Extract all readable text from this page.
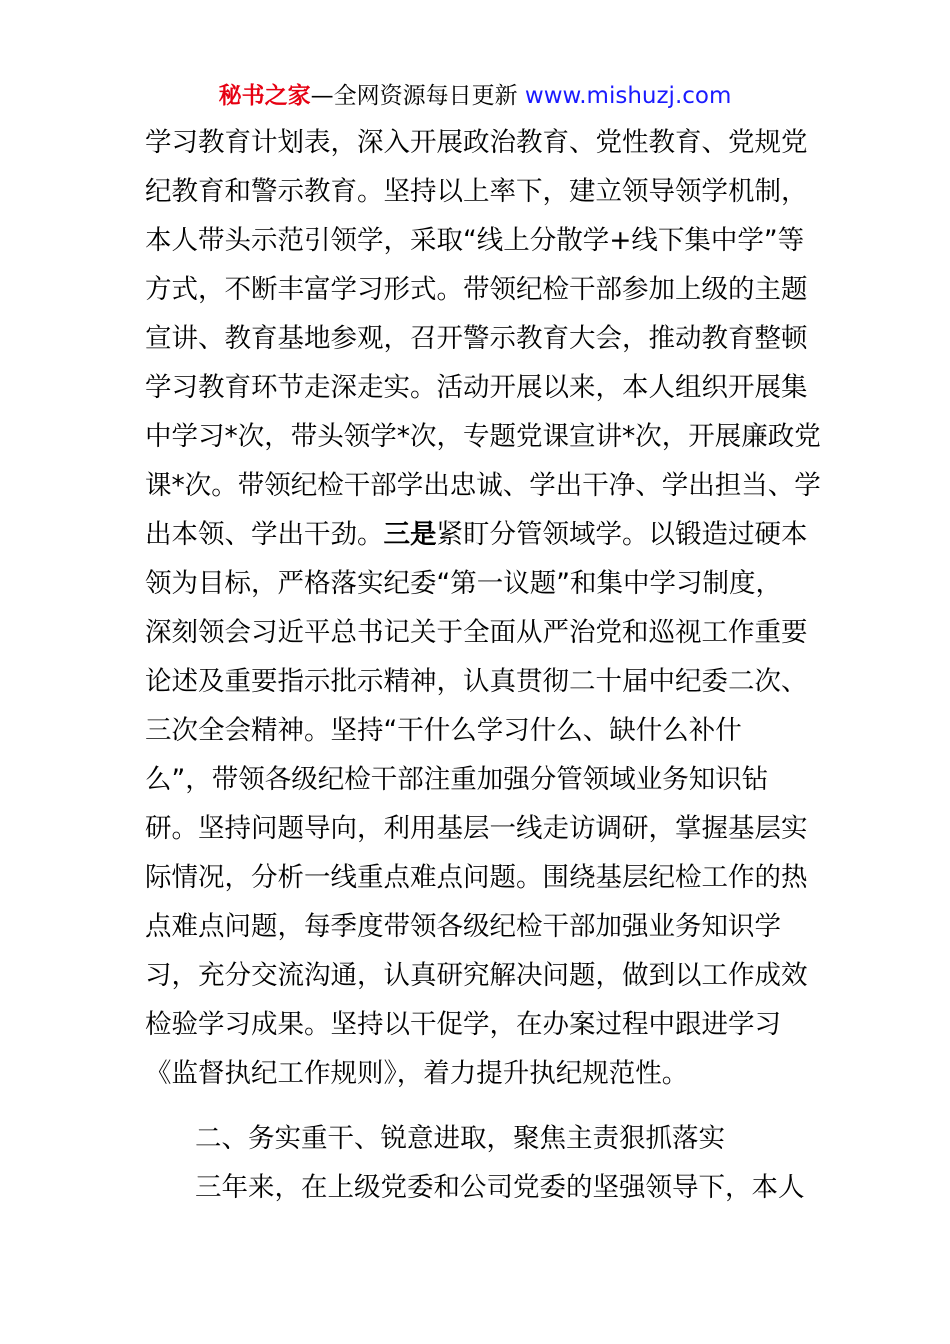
秘书之家—全网资源每日更新 www.mishuzj.com
学习教育计划表，深入开展政治教育、党性教育、党规党
纪教育和警示教育。坚持以上率下，建立领导领学机制，
本人带头示范引领学，采取“线上分散学+线下集中学”等
方式，不断丰富学习形式。带领纪检干部参加上级的主题
宣讲、教育基地参观，召开警示教育大会，推动教育整顿
学习教育环节走深走实。活动开展以来，本人组织开展集
中学习*次，带头领学*次，专题党课宣讲*次，开展廉政党
课*次。带领纪检干部学出忠诚、学出干净、学出担当、学
出本领、学出干劲。三是紧盯分管领域学。以锻造过硬本
领为目标，严格落实纪委“第一议题”和集中学习制度，
深刻领会习近平总书记关于全面从严治党和巡视工作重要
论述及重要指示批示精神，认真贯彻二十届中纪委二次、
三次全会精神。坚持“干什么学习什么、缺什么补什
么”，带领各级纪检干部注重加强分管领域业务知识钻
研。坚持问题导向，利用基层一线走访调研，掌握基层实
际情况，分析一线重点难点问题。围绕基层纪检工作的热
点难点问题，每季度带领各级纪检干部加强业务知识学
习，充分交流沟通，认真研究解决问题，做到以工作成效
检验学习成果。坚持以干促学，在办案过程中跟进学习
《监督执纪工作规则》，着力提升执纪规范性。
二、务实重干、锐意进取，聚焦主责狠抓落实
三年来，在上级党委和公司党委的坚强领导下，本人
